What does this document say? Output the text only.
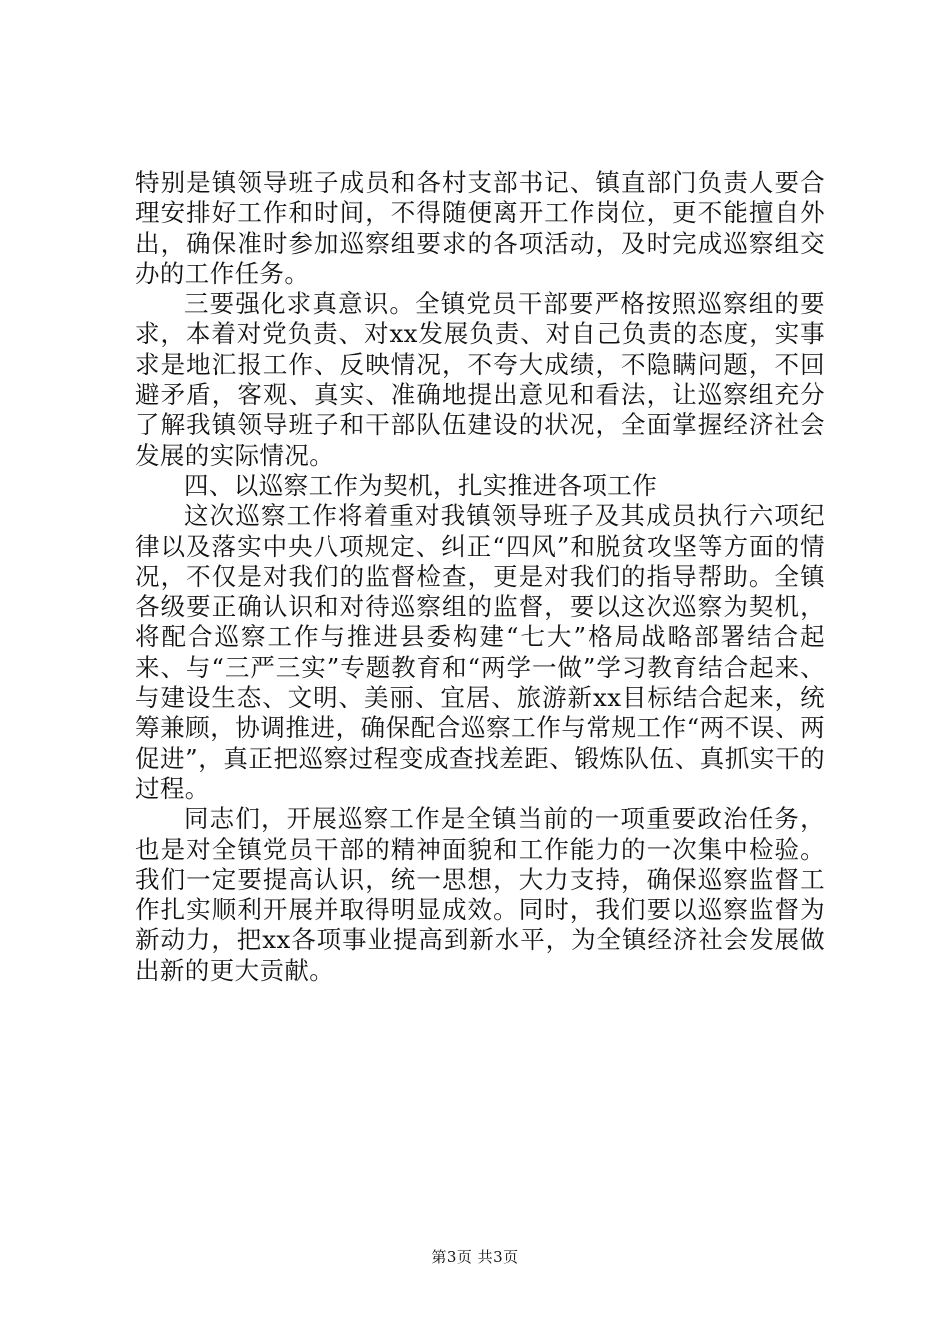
特别是镇领导班子成员和各村支部书记、镇直部门负责人要合理安排好工作和时间，不得随便离开工作岗位，更不能擅自外出，确保准时参加巡察组要求的各项活动，及时完成巡察组交办的工作任务。

三要强化求真意识。全镇党员干部要严格按照巡察组的要求，本着对党负责、对xx发展负责、对自己负责的态度，实事求是地汇报工作、反映情况，不夸大成绩，不隐瞒问题，不回避矛盾，客观、真实、准确地提出意见和看法，让巡察组充分了解我镇领导班子和干部队伍建设的状况，全面掌握经济社会发展的实际情况。

四、以巡察工作为契机，扎实推进各项工作

这次巡察工作将着重对我镇领导班子及其成员执行六项纪律以及落实中央八项规定、纠正“四风”和脱贫攻坚等方面的情况，不仅是对我们的监督检查，更是对我们的指导帮助。全镇各级要正确认识和对待巡察组的监督，要以这次巡察为契机，将配合巡察工作与推进县委构建“七大”格局战略部署结合起来、与“三严三实”专题教育和“两学一做”学习教育结合起来、与建设生态、文明、美丽、宜居、旅游新xx目标结合起来，统筹兼顾，协调推进，确保配合巡察工作与常规工作“两不误、两促进”，真正把巡察过程变成查找差距、锻炼队伍、真抓实干的过程。

同志们，开展巡察工作是全镇当前的一项重要政治任务，也是对全镇党员干部的精神面貌和工作能力的一次集中检验。我们一定要提高认识，统一思想，大力支持，确保巡察监督工作扎实顺利开展并取得明显成效。同时，我们要以巡察监督为新动力，把xx各项事业提高到新水平，为全镇经济社会发展做出新的更大贡献。

第3页 共3页
